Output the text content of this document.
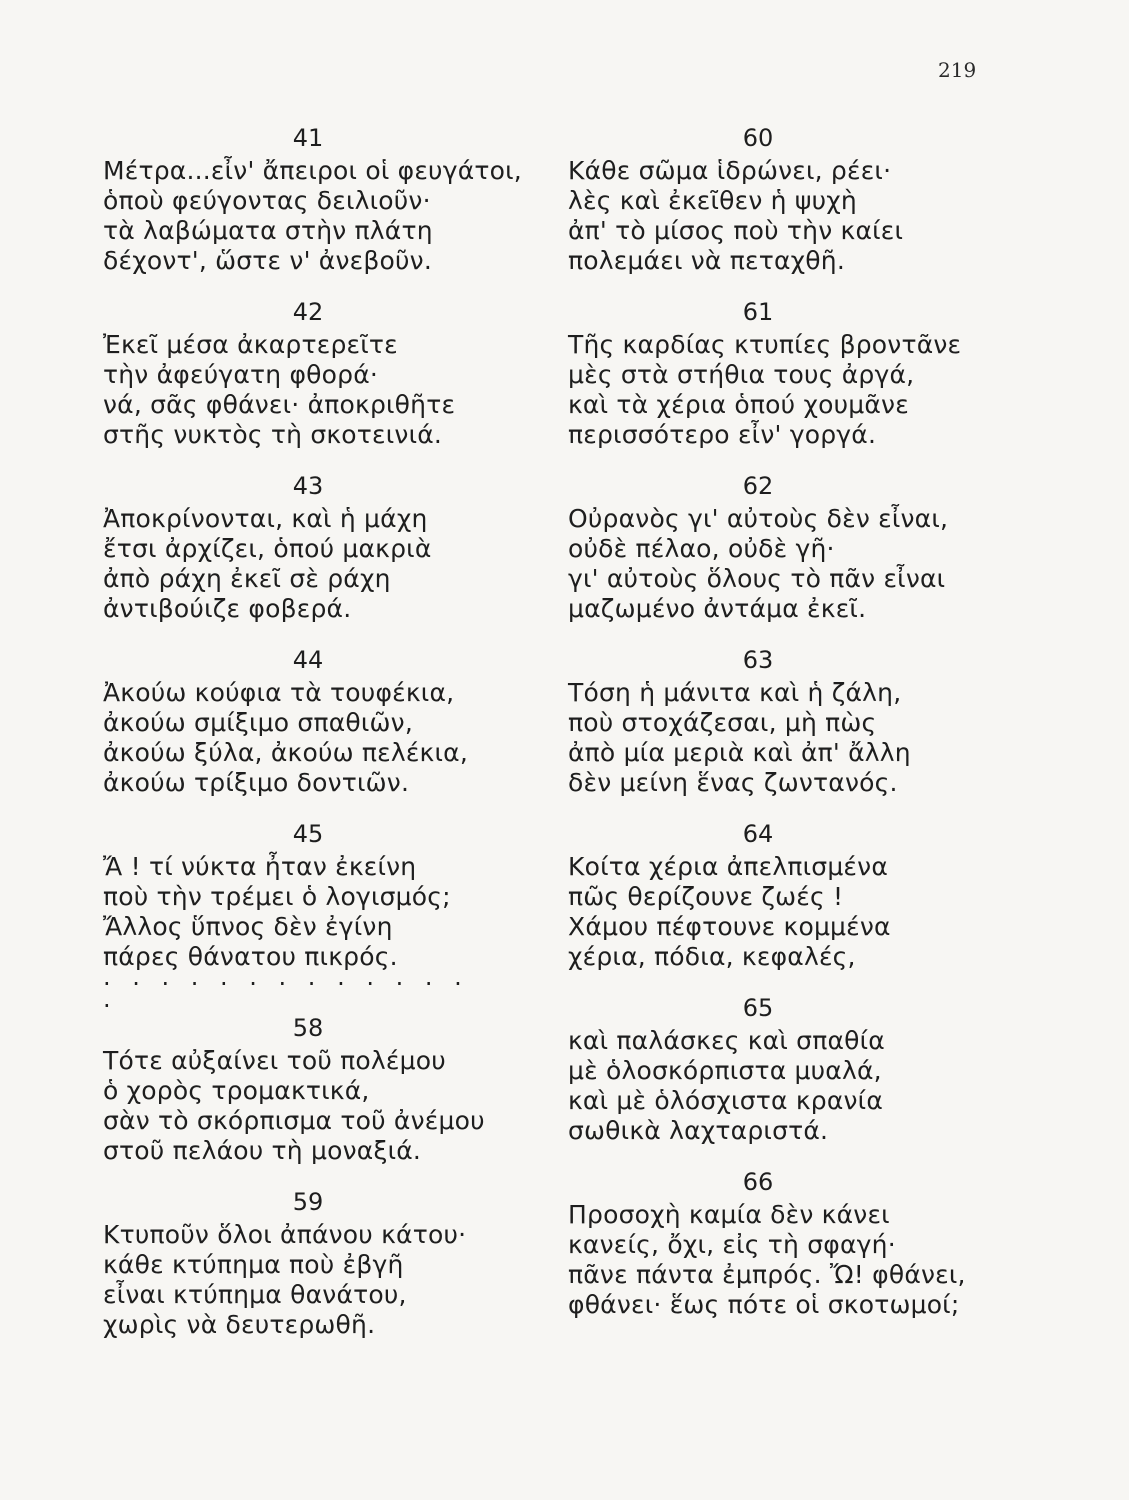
219
41
Μέτρα...εἶν' ἄπειροι οἱ φευγάτοι,
ὁποὺ φεύγοντας δειλιοῦν·
τὰ λαβώματα στὴν πλάτη
δέχοντ', ὥστε ν' ἀνεβοῦν.
42
Ἐκεῖ μέσα ἀκαρτερεῖτε
τὴν ἀφεύγατη φθορά·
νά, σᾶς φθάνει· ἀποκριθῆτε
στῆς νυκτὸς τὴ σκοτεινιά.
43
Ἀποκρίνονται, καὶ ἡ μάχη
ἔτσι ἀρχίζει, ὁπού μακριὰ
ἀπὸ ράχη ἐκεῖ σὲ ράχη
ἀντιβούιζε φοβερά.
44
Ἀκούω κούφια τὰ τουφέκια,
ἀκούω σμίξιμο σπαθιῶν,
ἀκούω ξύλα, ἀκούω πελέκια,
ἀκούω τρίξιμο δοντιῶν.
45
Ἄ ! τί νύκτα ἦταν ἐκείνη
ποὺ τὴν τρέμει ὁ λογισμός;
Ἄλλος ὕπνος δὲν ἐγίνη
πάρες θάνατου πικρός.
. . . . . . . . . . . . . .
58
Τότε αὐξαίνει τοῦ πολέμου
ὁ χορὸς τρομακτικά,
σὰν τὸ σκόρπισμα τοῦ ἀνέμου
στοῦ πελάου τὴ μοναξιά.
59
Κτυποῦν ὅλοι ἀπάνου κάτου·
κάθε κτύπημα ποὺ ἐβγῆ
εἶναι κτύπημα θανάτου,
χωρὶς νὰ δευτερωθῆ.
60
Κάθε σῶμα ἱδρώνει, ρέει·
λὲς καὶ ἐκεῖθεν ἡ ψυχὴ
ἀπ' τὸ μίσος ποὺ τὴν καίει
πολεμάει νὰ πεταχθῆ.
61
Τῆς καρδίας κτυπίες βροντᾶνε
μὲς στὰ στήθια τους ἀργά,
καὶ τὰ χέρια ὁπού χουμᾶνε
περισσότερο εἶν' γοργά.
62
Οὐρανὸς γι' αὐτοὺς δὲν εἶναι,
οὐδὲ πέλαο, οὐδὲ γῆ·
γι' αὐτοὺς ὅλους τὸ πᾶν εἶναι
μαζωμένο ἀντάμα ἐκεῖ.
63
Τόση ἡ μάνιτα καὶ ἡ ζάλη,
ποὺ στοχάζεσαι, μὴ πὼς
ἀπὸ μία μεριὰ καὶ ἀπ' ἄλλη
δὲν μείνη ἕνας ζωντανός.
64
Κοίτα χέρια ἀπελπισμένα
πῶς θερίζουνε ζωές !
Χάμου πέφτουνε κομμένα
χέρια, πόδια, κεφαλές,
65
καὶ παλάσκες καὶ σπαθία
μὲ ὁλοσκόρπιστα μυαλά,
καὶ μὲ ὁλόσχιστα κρανία
σωθικὰ λαχταριστά.
66
Προσοχὴ καμία δὲν κάνει
κανείς, ὄχι, εἰς τὴ σφαγή·
πᾶνε πάντα ἐμπρός. Ὤ! φθάνει,
φθάνει· ἕως πότε οἱ σκοτωμοί;
